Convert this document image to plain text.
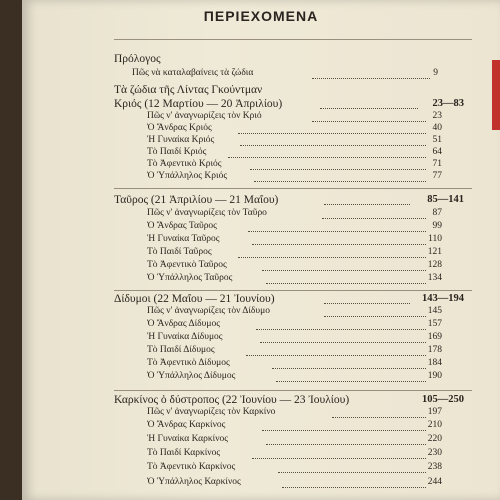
ΠΕΡΙΕΧΟΜΕΝΑ
Πρόλογος
Πῶς νὰ καταλαβαίνεις τὰ ζώδια	9
Τὰ ζώδια τῆς Λίντας Γκούντμαν
Κριός (12 Μαρτίου — 20 Ἀπριλίου)	23—83
Πῶς ν' ἀναγνωρίζεις τὸν Κριό	23
Ὁ Ἄνδρας Κριός	40
Ἡ Γυναίκα Κριός	51
Τὸ Παιδί Κριός	64
Τὸ Ἀφεντικὸ Κριός	71
Ὁ Ὑπάλληλος Κριός	77
Ταῦρος (21 Ἀπριλίου — 21 Μαΐου)	85—141
Πῶς ν' ἀναγνωρίζεις τὸν Ταῦρο	87
Ὁ Ἄνδρας Ταῦρος	99
Ἡ Γυναίκα Ταῦρος	110
Τὸ Παιδί Ταῦρος	121
Τὸ Ἀφεντικὸ Ταῦρος	128
Ὁ Ὑπάλληλος Ταῦρος	134
Δίδυμοι (22 Μαΐου — 21 Ἰουνίου)	143—194
Πῶς ν' ἀναγνωρίζεις τὸν Δίδυμο	145
Ὁ Ἄνδρας Δίδυμος	157
Ἡ Γυναίκα Δίδυμος	169
Τὸ Παιδί Δίδυμος	178
Τὸ Ἀφεντικὸ Δίδυμος	184
Ὁ Ὑπάλληλος Δίδυμος	190
Καρκίνος ὁ δύστροπος (22 Ἰουνίου — 23 Ἰουλίου)	105—250
Πῶς ν' ἀναγνωρίζεις τὸν Καρκίνο	197
Ὁ Ἄνδρας Καρκίνος	210
Ἡ Γυναίκα Καρκίνος	220
Τὸ Παιδί Καρκίνος	230
Τὸ Ἀφεντικὸ Καρκίνος	238
Ὁ Ὑπάλληλος Καρκίνος	244
